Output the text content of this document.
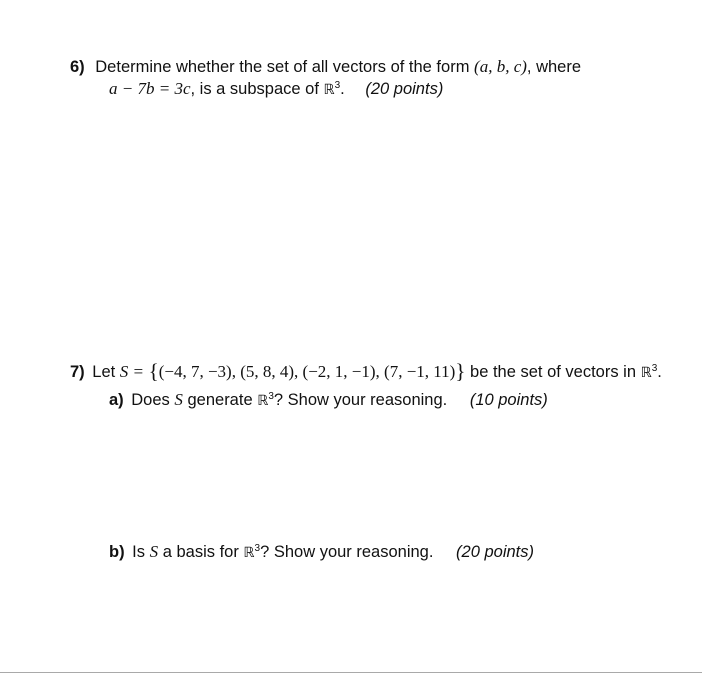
6) Determine whether the set of all vectors of the form (a, b, c), where
a − 7b = 3c, is a subspace of ℝ$^3$. (20 points)
7) Let S = {(−4, 7, −3), (5, 8, 4), (−2, 1, −1), (7, −1, 11)} be the set of vectors in ℝ$^3$.
a) Does S generate ℝ$^3$? Show your reasoning. (10 points)
b) Is S a basis for ℝ$^3$? Show your reasoning. (20 points)
